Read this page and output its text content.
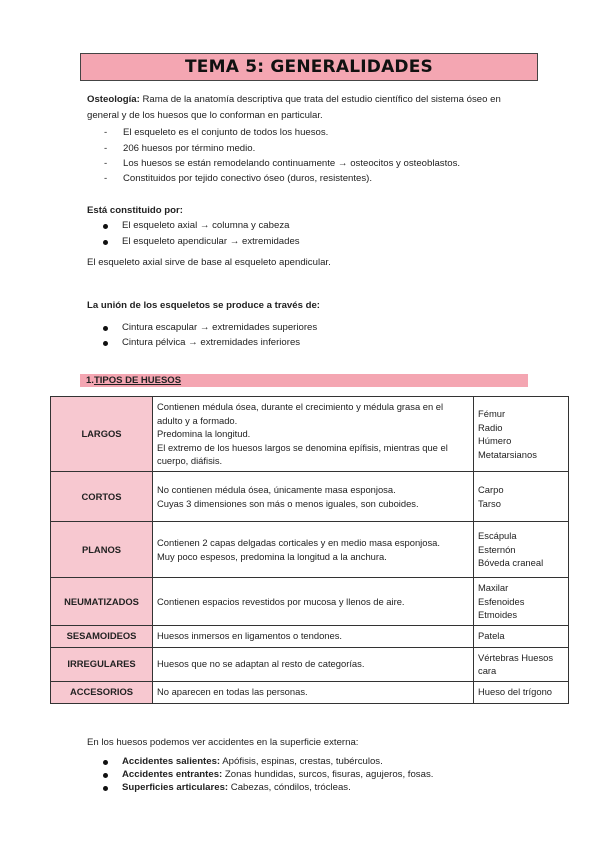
TEMA 5: GENERALIDADES
Osteología: Rama de la anatomía descriptiva que trata del estudio científico del sistema óseo en general y de los huesos que lo conforman en particular.
- El esqueleto es el conjunto de todos los huesos.
- 206 huesos por término medio.
- Los huesos se están remodelando continuamente → osteocitos y osteoblastos.
- Constituidos por tejido conectivo óseo (duros, resistentes).
Está constituido por:
El esqueleto axial → columna y cabeza
El esqueleto apendicular → extremidades
El esqueleto axial sirve de base al esqueleto apendicular.
La unión de los esqueletos se produce a través de:
Cintura escapular → extremidades superiores
Cintura pélvica → extremidades inferiores
1.TIPOS DE HUESOS
LARGOS	Contienen médula ósea, durante el crecimiento y médula grasa en el adulto y a formado.
Predomina la longitud.
El extremo de los huesos largos se denomina epífisis, mientras que el cuerpo, diáfisis.	Fémur
Radio
Húmero
Metatarsianos

CORTOS	No contienen médula ósea, únicamente masa esponjosa.
Cuyas 3 dimensiones son más o menos iguales, son cuboides.	Carpo
Tarso

PLANOS	Contienen 2 capas delgadas corticales y en medio masa esponjosa.
Muy poco espesos, predomina la longitud a la anchura.	Escápula
Esternón
Bóveda craneal

NEUMATIZADOS	Contienen espacios revestidos por mucosa y llenos de aire.	Maxilar
Esfenoides
Etmoides

SESAMOIDEOS	Huesos inmersos en ligamentos o tendones.	Patela

IRREGULARES	Huesos que no se adaptan al resto de categorías.	Vértebras Huesos cara

ACCESORIOS	No aparecen en todas las personas.	Hueso del trígono
En los huesos podemos ver accidentes en la superficie externa:
Accidentes salientes: Apófisis, espinas, crestas, tubérculos.
Accidentes entrantes: Zonas hundidas, surcos, fisuras, agujeros, fosas.
Superficies articulares: Cabezas, cóndilos, trócleas.
